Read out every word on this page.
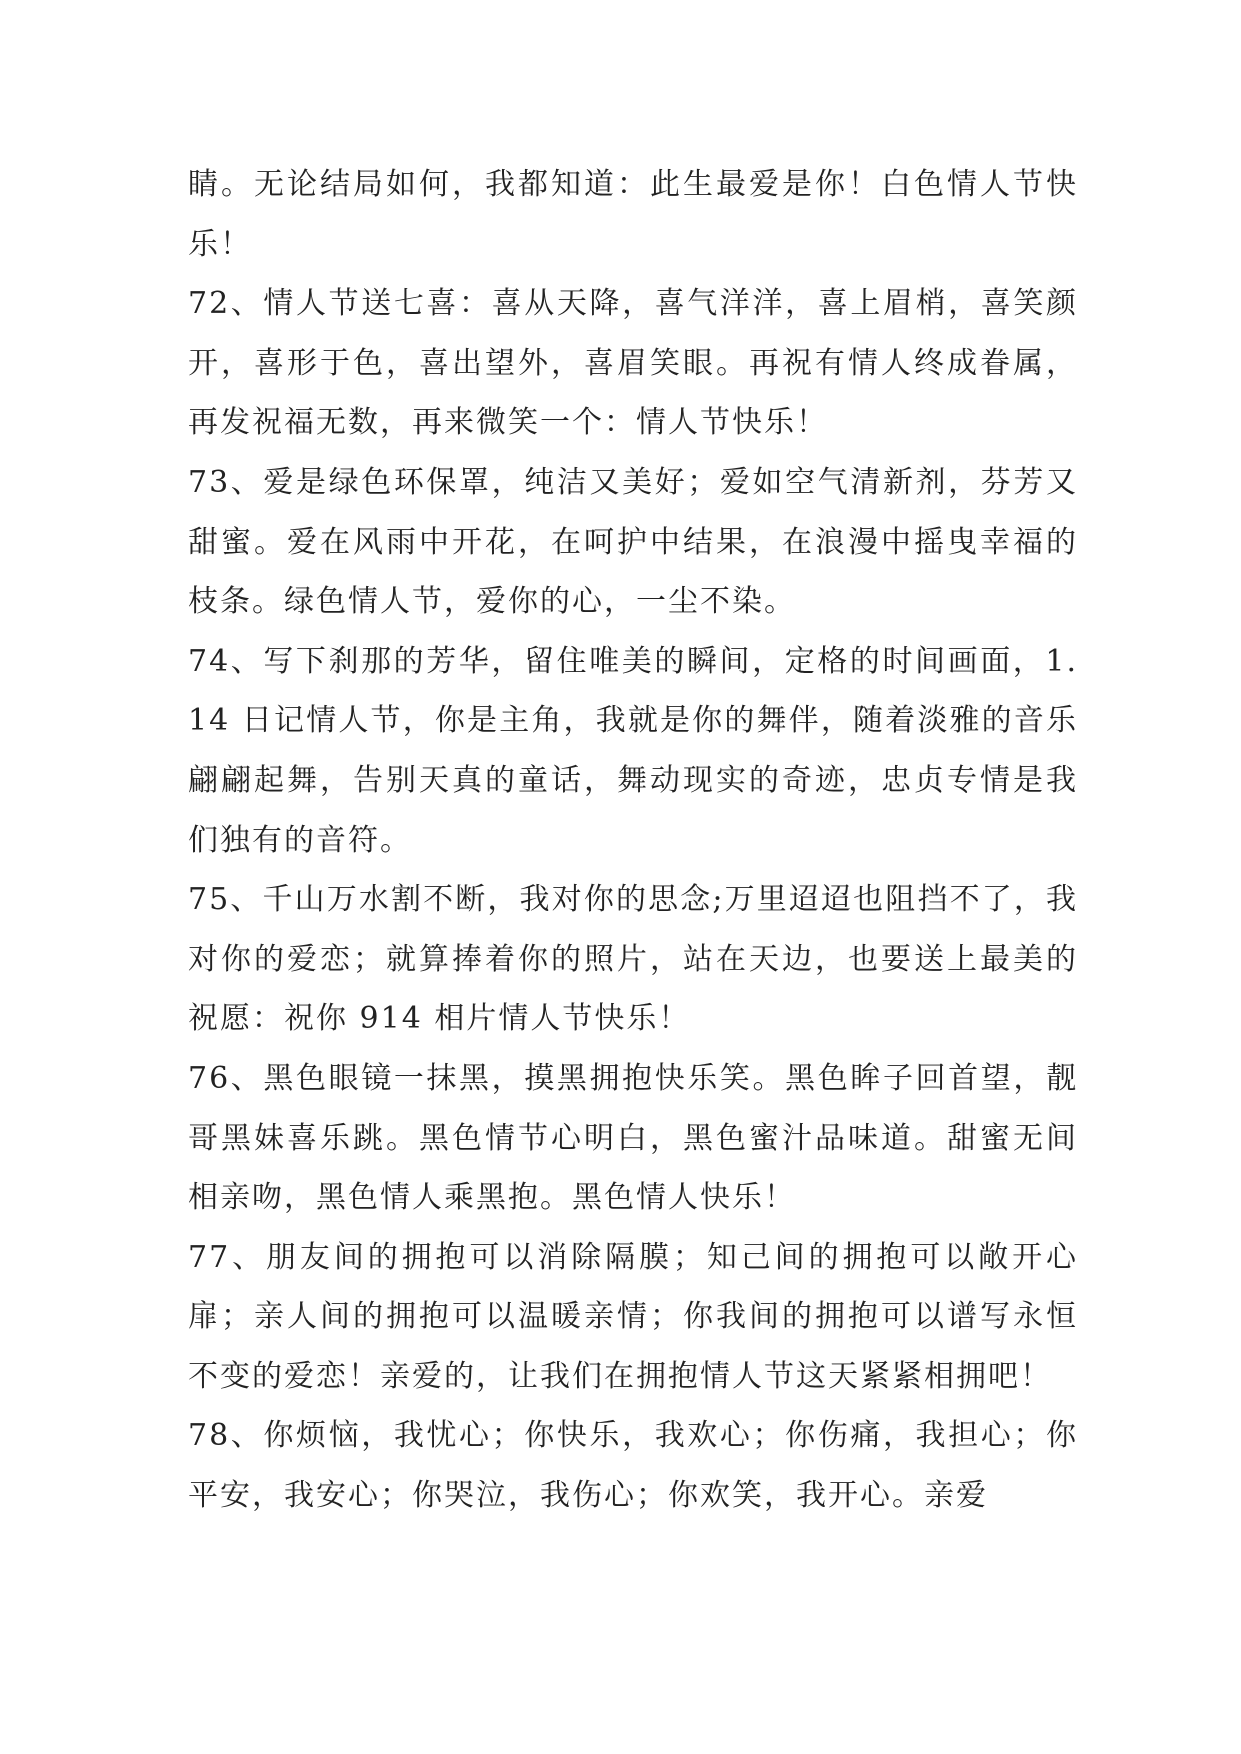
睛。无论结局如何，我都知道：此生最爱是你！白色情人节快乐！

72、情人节送七喜：喜从天降，喜气洋洋，喜上眉梢，喜笑颜开，喜形于色，喜出望外，喜眉笑眼。再祝有情人终成眷属，再发祝福无数，再来微笑一个：情人节快乐！

73、爱是绿色环保罩，纯洁又美好；爱如空气清新剂，芬芳又甜蜜。爱在风雨中开花，在呵护中结果，在浪漫中摇曳幸福的枝条。绿色情人节，爱你的心，一尘不染。

74、写下刹那的芳华，留住唯美的瞬间，定格的时间画面，1.14 日记情人节，你是主角，我就是你的舞伴，随着淡雅的音乐翩翩起舞，告别天真的童话，舞动现实的奇迹，忠贞专情是我们独有的音符。

75、千山万水割不断，我对你的思念;万里迢迢也阻挡不了，我对你的爱恋；就算捧着你的照片，站在天边，也要送上最美的祝愿：祝你 914 相片情人节快乐！

76、黑色眼镜一抹黑，摸黑拥抱快乐笑。黑色眸子回首望，靓哥黑妹喜乐跳。黑色情节心明白，黑色蜜汁品味道。甜蜜无间相亲吻，黑色情人乘黑抱。黑色情人快乐！

77、朋友间的拥抱可以消除隔膜；知己间的拥抱可以敞开心扉；亲人间的拥抱可以温暖亲情；你我间的拥抱可以谱写永恒不变的爱恋！亲爱的，让我们在拥抱情人节这天紧紧相拥吧！

78、你烦恼，我忧心；你快乐，我欢心；你伤痛，我担心；你平安，我安心；你哭泣，我伤心；你欢笑，我开心。亲爱
